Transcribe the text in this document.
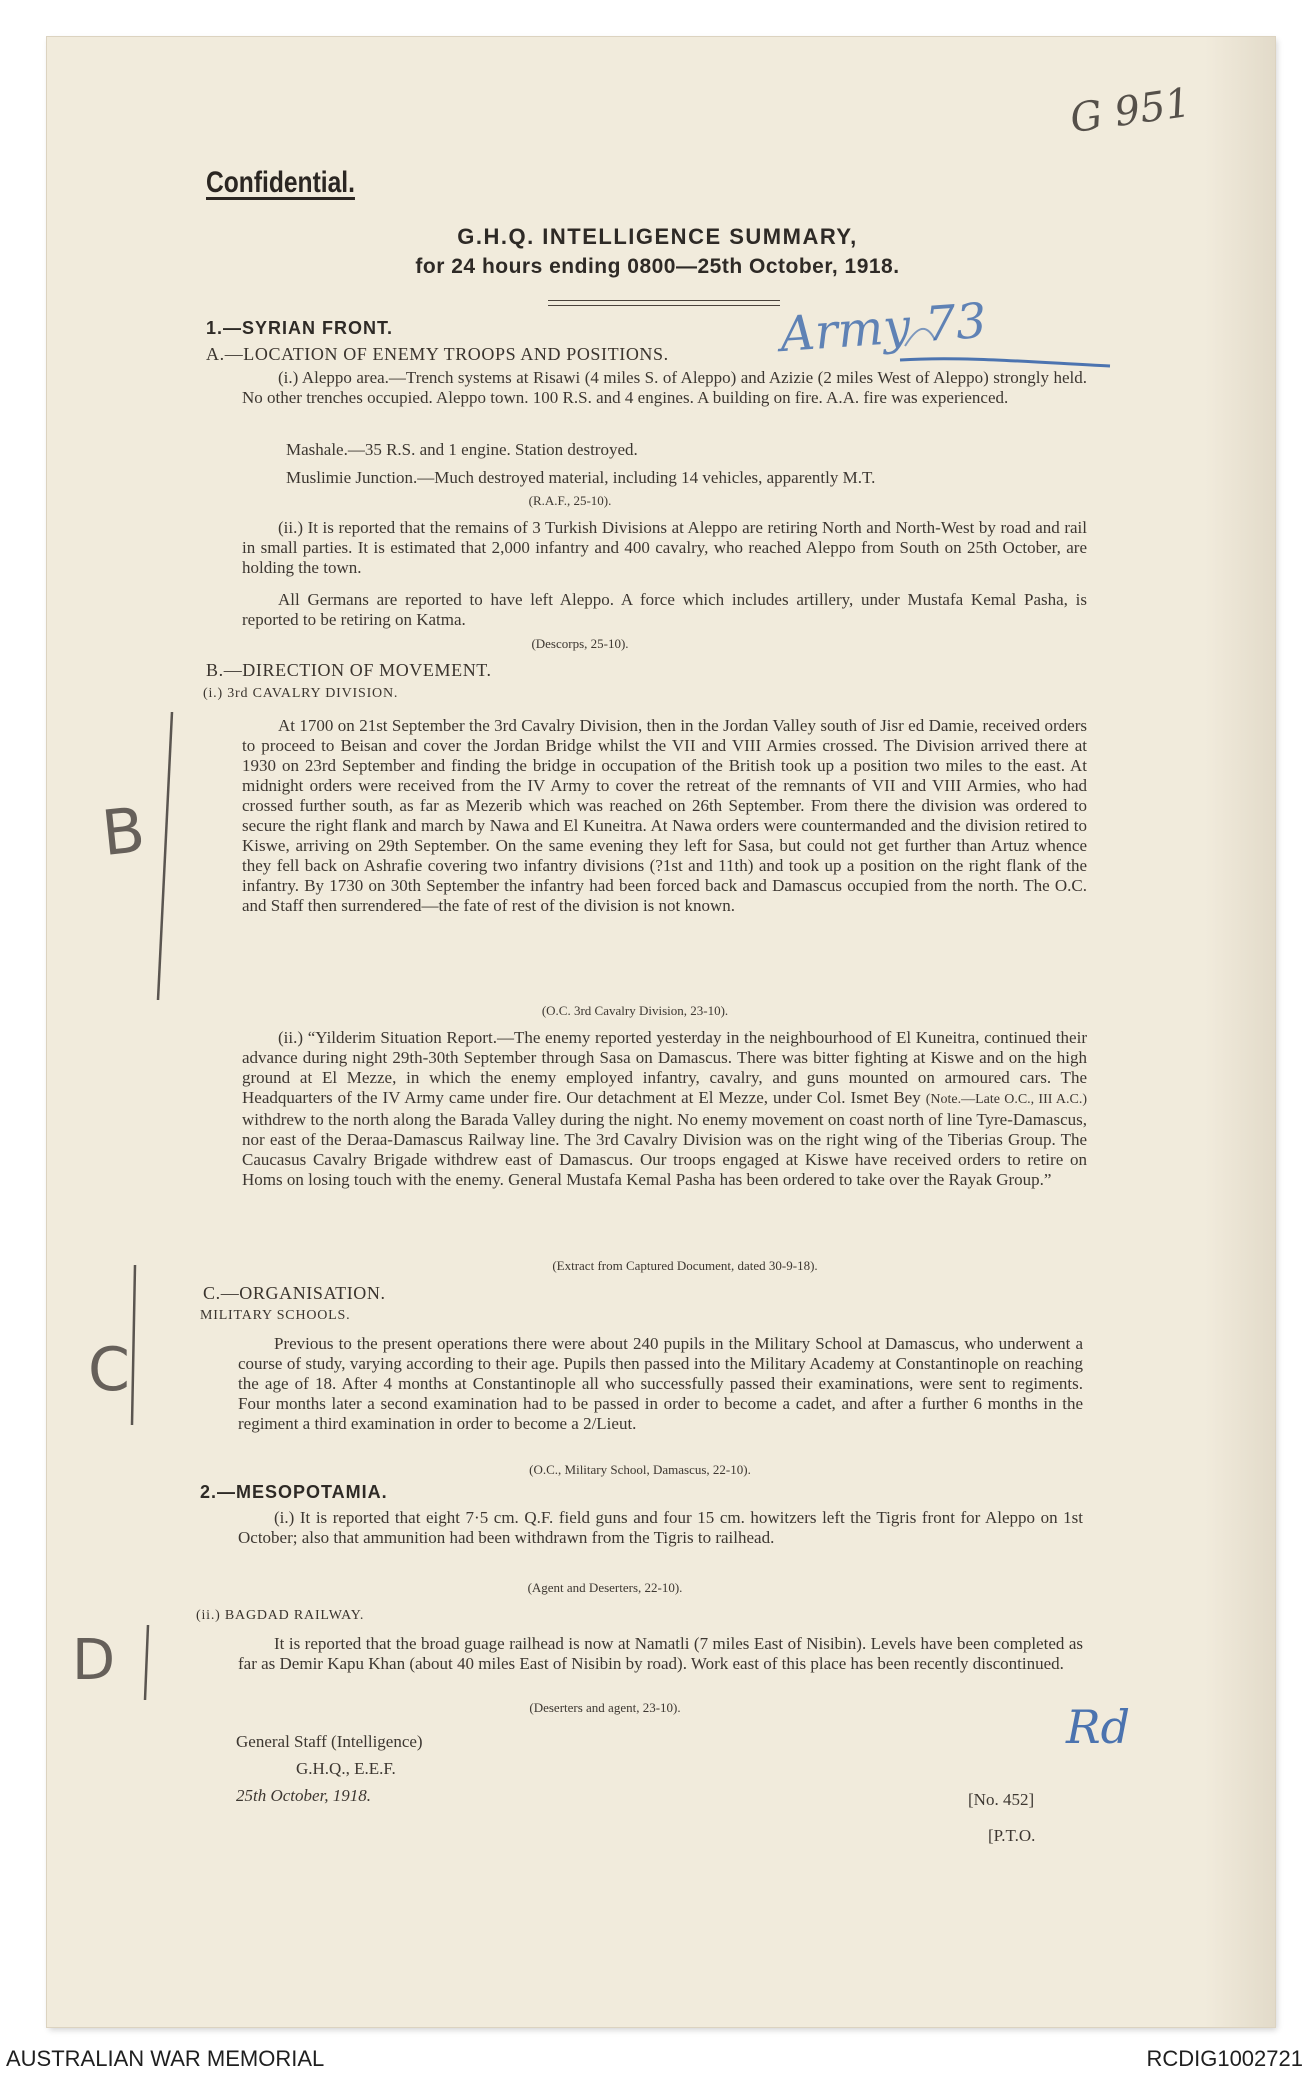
G 951
Army 73
B
C
D
Rd
Confidential.
G.H.Q. INTELLIGENCE SUMMARY,
for 24 hours ending 0800—25th October, 1918.
1.—SYRIAN FRONT.
A.—LOCATION OF ENEMY TROOPS AND POSITIONS.

(i.) Aleppo area.—Trench systems at Risawi (4 miles S. of Aleppo) and Azizie (2 miles West of Aleppo) strongly held. No other trenches occupied. Aleppo town. 100 R.S. and 4 engines. A building on fire. A.A. fire was experienced.

Mashale.—35 R.S. and 1 engine. Station destroyed.
Muslimie Junction.—Much destroyed material, including 14 vehicles, apparently M.T.
(R.A.F., 25-10).

(ii.) It is reported that the remains of 3 Turkish Divisions at Aleppo are retiring North and North-West by road and rail in small parties. It is estimated that 2,000 infantry and 400 cavalry, who reached Aleppo from South on 25th October, are holding the town.

All Germans are reported to have left Aleppo. A force which includes artillery, under Mustafa Kemal Pasha, is reported to be retiring on Katma.

(Descorps, 25-10).
B.—DIRECTION OF MOVEMENT.
(i.) 3rd CAVALRY DIVISION.

At 1700 on 21st September the 3rd Cavalry Division, then in the Jordan Valley south of Jisr ed Damie, received orders to proceed to Beisan and cover the Jordan Bridge whilst the VII and VIII Armies crossed. The Division arrived there at 1930 on 23rd September and finding the bridge in occupation of the British took up a position two miles to the east. At midnight orders were received from the IV Army to cover the retreat of the remnants of VII and VIII Armies, who had crossed further south, as far as Mezerib which was reached on 26th September. From there the division was ordered to secure the right flank and march by Nawa and El Kuneitra. At Nawa orders were countermanded and the division retired to Kiswe, arriving on 29th September. On the same evening they left for Sasa, but could not get further than Artuz whence they fell back on Ashrafie covering two infantry divisions (?1st and 11th) and took up a position on the right flank of the infantry. By 1730 on 30th September the infantry had been forced back and Damascus occupied from the north. The O.C. and Staff then surrendered—the fate of rest of the division is not known.

(O.C. 3rd Cavalry Division, 23-10).

(ii.) “Yilderim Situation Report.—The enemy reported yesterday in the neighbourhood of El Kuneitra, continued their advance during night 29th-30th September through Sasa on Damascus. There was bitter fighting at Kiswe and on the high ground at El Mezze, in which the enemy employed infantry, cavalry, and guns mounted on armoured cars. The Headquarters of the IV Army came under fire. Our detachment at El Mezze, under Col. Ismet Bey (Note.—Late O.C., III A.C.) withdrew to the north along the Barada Valley during the night. No enemy movement on coast north of line Tyre-Damascus, nor east of the Deraa-Damascus Railway line. The 3rd Cavalry Division was on the right wing of the Tiberias Group. The Caucasus Cavalry Brigade withdrew east of Damascus. Our troops engaged at Kiswe have received orders to retire on Homs on losing touch with the enemy. General Mustafa Kemal Pasha has been ordered to take over the Rayak Group.”

(Extract from Captured Document, dated 30-9-18).
C.—ORGANISATION.
MILITARY SCHOOLS.

Previous to the present operations there were about 240 pupils in the Military School at Damascus, who underwent a course of study, varying according to their age. Pupils then passed into the Military Academy at Constantinople on reaching the age of 18. After 4 months at Constantinople all who successfully passed their examinations, were sent to regiments. Four months later a second examination had to be passed in order to become a cadet, and after a further 6 months in the regiment a third examination in order to become a 2/Lieut.

(O.C., Military School, Damascus, 22-10).
2.—MESOPOTAMIA.

(i.) It is reported that eight 7·5 cm. Q.F. field guns and four 15 cm. howitzers left the Tigris front for Aleppo on 1st October; also that ammunition had been withdrawn from the Tigris to railhead.

(Agent and Deserters, 22-10).
(ii.) BAGDAD RAILWAY.

It is reported that the broad guage railhead is now at Namatli (7 miles East of Nisibin). Levels have been completed as far as Demir Kapu Khan (about 40 miles East of Nisibin by road). Work east of this place has been recently discontinued.

(Deserters and agent, 23-10).
General Staff (Intelligence)
G.H.Q., E.E.F.
25th October, 1918.	[No. 452]
[P.T.O.
AUSTRALIAN WAR MEMORIAL	RCDIG1002721
